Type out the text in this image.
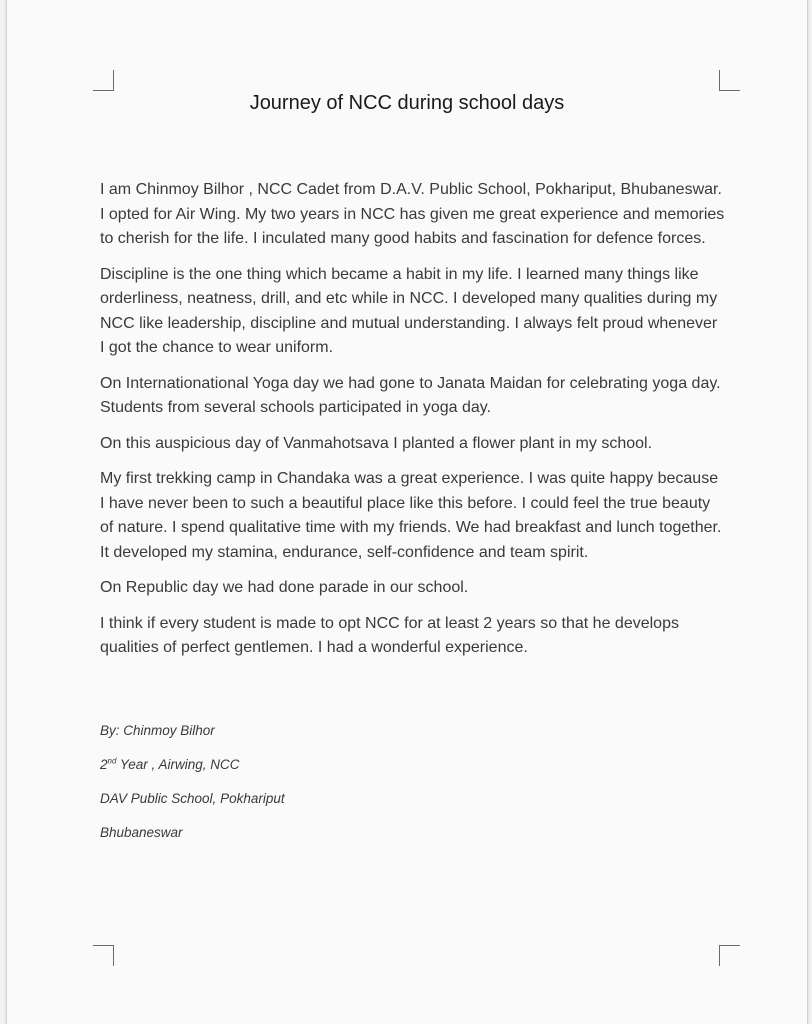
Journey of NCC during school days

I am Chinmoy Bilhor , NCC Cadet from D.A.V. Public School, Pokhariput, Bhubaneswar. I opted for Air Wing. My two years in NCC has given me great experience and memories to cherish for the life. I inculated many good habits and fascination for defence forces.

Discipline is the one thing which became a habit in my life. I learned many things like orderliness, neatness, drill, and etc while in NCC. I developed many qualities during my NCC like leadership, discipline and mutual understanding. I always felt proud whenever I got the chance to wear uniform.

On Internationational Yoga day we had gone to Janata Maidan for celebrating yoga day. Students from several schools participated in yoga day.

On this auspicious day of Vanmahotsava I planted a flower plant in my school.

My first trekking camp in Chandaka was a great experience. I was quite happy because I have never been to such a beautiful place like this before. I could feel the true beauty of nature. I spend qualitative time with my friends. We had breakfast and lunch together. It developed my stamina, endurance, self-confidence and team spirit.

On Republic day we had done parade in our school.

I think if every student is made to opt NCC for at least 2 years so that he develops qualities of perfect gentlemen. I had a wonderful experience.

By: Chinmoy Bilhor
2nd Year , Airwing, NCC
DAV Public School, Pokhariput
Bhubaneswar
